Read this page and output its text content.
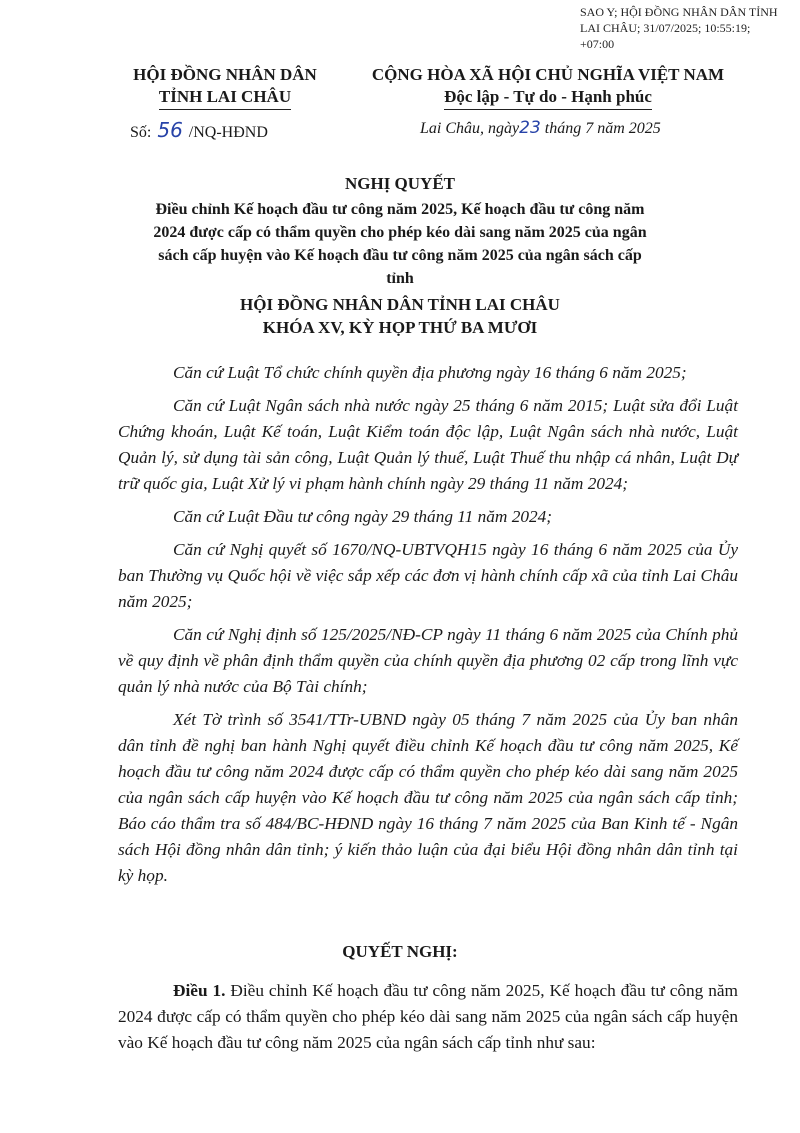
SAO Y; HỘI ĐỒNG NHÂN DÂN TỈNH LAI CHÂU; 31/07/2025; 10:55:19; +07:00
HỘI ĐỒNG NHÂN DÂN
TỈNH LAI CHÂU
CỘNG HÒA XÃ HỘI CHỦ NGHĨA VIỆT NAM
Độc lập - Tự do - Hạnh phúc
Số: 56 /NQ-HĐND	Lai Châu, ngày23 tháng 7 năm 2025
NGHỊ QUYẾT
Điều chỉnh Kế hoạch đầu tư công năm 2025, Kế hoạch đầu tư công năm 2024 được cấp có thẩm quyền cho phép kéo dài sang năm 2025 của ngân sách cấp huyện vào Kế hoạch đầu tư công năm 2025 của ngân sách cấp tỉnh
HỘI ĐỒNG NHÂN DÂN TỈNH LAI CHÂU
KHÓA XV, KỲ HỌP THỨ BA MƯƠI

Căn cứ Luật Tổ chức chính quyền địa phương ngày 16 tháng 6 năm 2025;

Căn cứ Luật Ngân sách nhà nước ngày 25 tháng 6 năm 2015; Luật sửa đổi Luật Chứng khoán, Luật Kế toán, Luật Kiểm toán độc lập, Luật Ngân sách nhà nước, Luật Quản lý, sử dụng tài sản công, Luật Quản lý thuế, Luật Thuế thu nhập cá nhân, Luật Dự trữ quốc gia, Luật Xử lý vi phạm hành chính ngày 29 tháng 11 năm 2024;

Căn cứ Luật Đầu tư công ngày 29 tháng 11 năm 2024;

Căn cứ Nghị quyết số 1670/NQ-UBTVQH15 ngày 16 tháng 6 năm 2025 của Ủy ban Thường vụ Quốc hội về việc sắp xếp các đơn vị hành chính cấp xã của tỉnh Lai Châu năm 2025;

Căn cứ Nghị định số 125/2025/NĐ-CP ngày 11 tháng 6 năm 2025 của Chính phủ về quy định về phân định thẩm quyền của chính quyền địa phương 02 cấp trong lĩnh vực quản lý nhà nước của Bộ Tài chính;

Xét Tờ trình số 3541/TTr-UBND ngày 05 tháng 7 năm 2025 của Ủy ban nhân dân tỉnh đề nghị ban hành Nghị quyết điều chỉnh Kế hoạch đầu tư công năm 2025, Kế hoạch đầu tư công năm 2024 được cấp có thẩm quyền cho phép kéo dài sang năm 2025 của ngân sách cấp huyện vào Kế hoạch đầu tư công năm 2025 của ngân sách cấp tỉnh; Báo cáo thẩm tra số 484/BC-HĐND ngày 16 tháng 7 năm 2025 của Ban Kinh tế - Ngân sách Hội đồng nhân dân tỉnh; ý kiến thảo luận của đại biểu Hội đồng nhân dân tỉnh tại kỳ họp.

QUYẾT NGHỊ:

Điều 1. Điều chỉnh Kế hoạch đầu tư công năm 2025, Kế hoạch đầu tư công năm 2024 được cấp có thẩm quyền cho phép kéo dài sang năm 2025 của ngân sách cấp huyện vào Kế hoạch đầu tư công năm 2025 của ngân sách cấp tỉnh như sau:
